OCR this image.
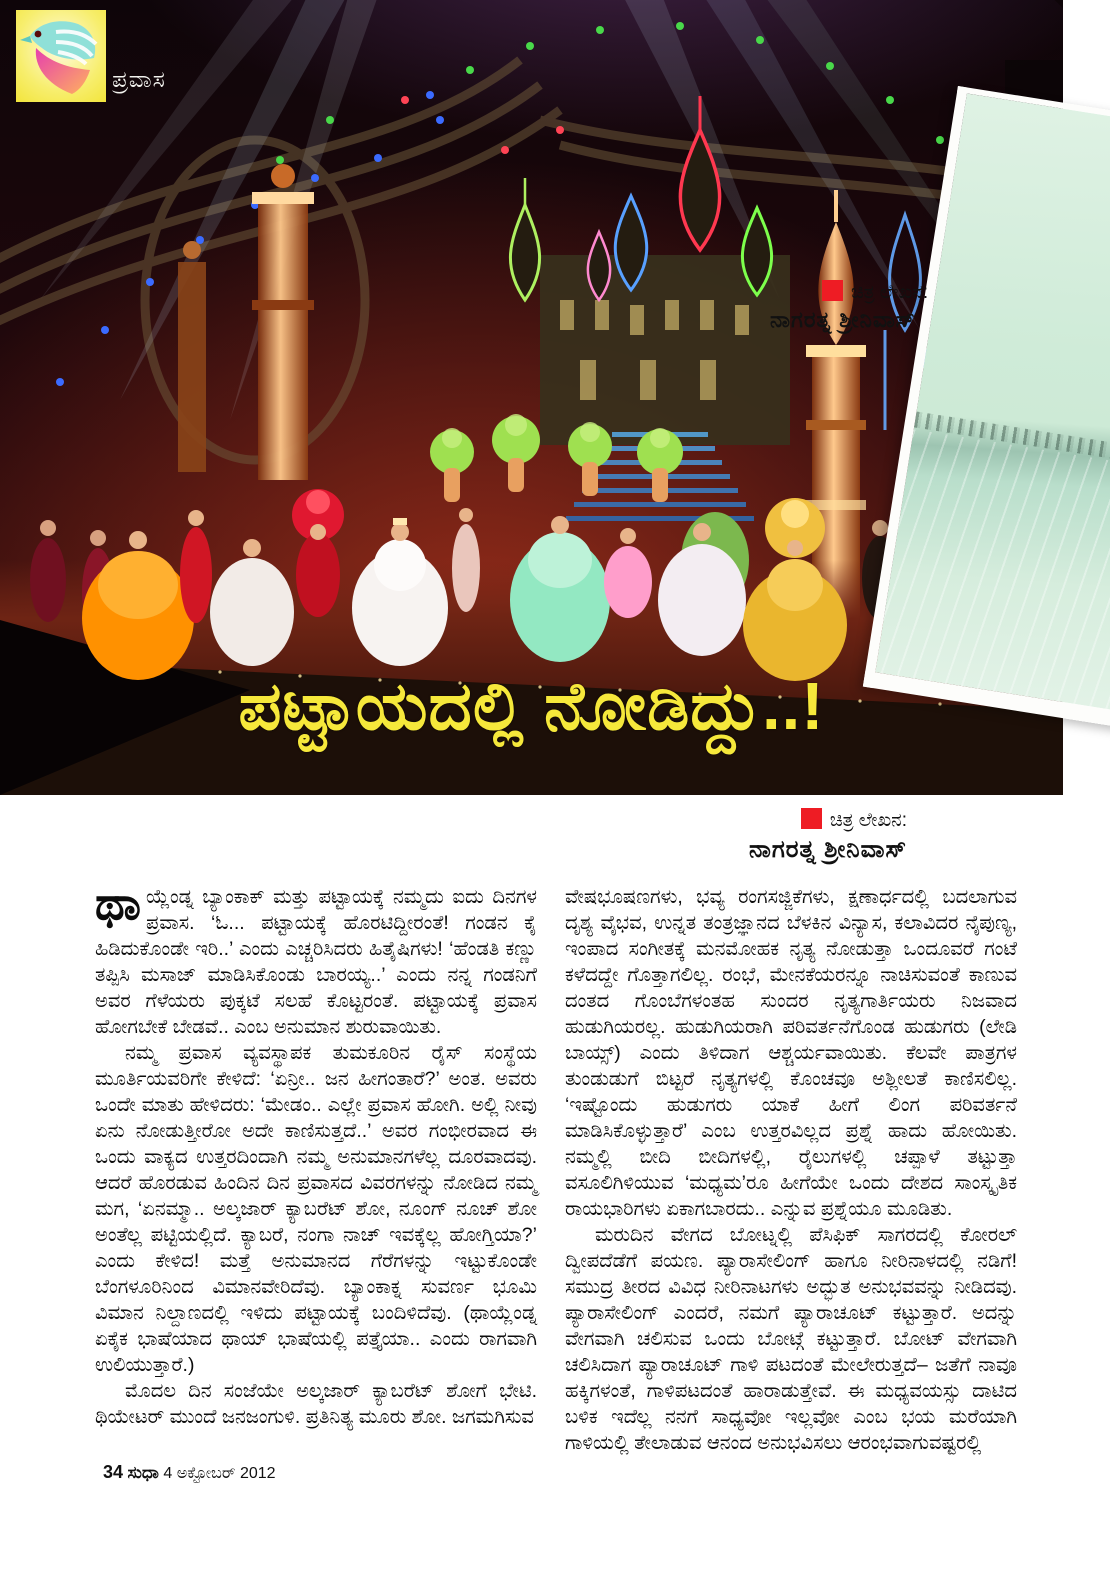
ಪ್ರವಾಸ
ಚಿತ್ರ ಲೇಖನ:
ನಾಗರತ್ನ ಶ್ರೀನಿವಾಸ್
ಪಟ್ಟಾಯದಲ್ಲಿ ನೋಡಿದ್ದು..!
ಚಿತ್ರ ಲೇಖನ:
ನಾಗರತ್ನ ಶ್ರೀನಿವಾಸ್

ಥಾಯ್ಲೆಂಡ್ನ ಬ್ಯಾಂಕಾಕ್ ಮತ್ತು ಪಟ್ಟಾಯಕ್ಕೆ ನಮ್ಮದು ಐದು ದಿನಗಳ ಪ್ರವಾಸ. ‘ಓ... ಪಟ್ಟಾಯಕ್ಕೆ ಹೊರಟಿದ್ದೀರಂತೆ! ಗಂಡನ ಕೈ ಹಿಡಿದುಕೊಂಡೇ ಇರಿ..’ ಎಂದು ಎಚ್ಚರಿಸಿದರು ಹಿತೈಷಿಗಳು! ‘ಹೆಂಡತಿ ಕಣ್ಣು ತಪ್ಪಿಸಿ ಮಸಾಜ್ ಮಾಡಿಸಿಕೊಂಡು ಬಾರಯ್ಯ..’ ಎಂದು ನನ್ನ ಗಂಡನಿಗೆ ಅವರ ಗೆಳೆಯರು ಪುಕ್ಕಟೆ ಸಲಹೆ ಕೊಟ್ಟರಂತೆ. ಪಟ್ಟಾಯಕ್ಕೆ ಪ್ರವಾಸ ಹೋಗಬೇಕೆ ಬೇಡವೆ.. ಎಂಬ ಅನುಮಾನ ಶುರುವಾಯಿತು.

ನಮ್ಮ ಪ್ರವಾಸ ವ್ಯವಸ್ಥಾಪಕ ತುಮಕೂರಿನ ರೈಸ್ ಸಂಸ್ಥೆಯ ಮೂರ್ತಿಯವರಿಗೇ ಕೇಳಿದೆ: ‘ಏನ್ರೀ.. ಜನ ಹೀಗಂತಾರೆ?’ ಅಂತ. ಅವರು ಒಂದೇ ಮಾತು ಹೇಳಿದರು: ‘ಮೇಡಂ.. ಎಲ್ಲೇ ಪ್ರವಾಸ ಹೋಗಿ. ಅಲ್ಲಿ ನೀವು ಏನು ನೋಡುತ್ತೀರೋ ಅದೇ ಕಾಣಿಸುತ್ತದೆ..’ ಅವರ ಗಂಭೀರವಾದ ಈ ಒಂದು ವಾಕ್ಯದ ಉತ್ತರದಿಂದಾಗಿ ನಮ್ಮ ಅನುಮಾನಗಳೆಲ್ಲ ದೂರವಾದವು. ಆದರೆ ಹೊರಡುವ ಹಿಂದಿನ ದಿನ ಪ್ರವಾಸದ ವಿವರಗಳನ್ನು ನೋಡಿದ ನಮ್ಮ ಮಗ, ‘ಏನಮ್ಮಾ.. ಅಲ್ಕಜಾರ್ ಕ್ಯಾಬರೆಟ್ ಶೋ, ನೂಂಗ್ ನೂಚ್ ಶೋ ಅಂತೆಲ್ಲ ಪಟ್ಟಿಯಲ್ಲಿದೆ. ಕ್ಯಾಬರೆ, ನಂಗಾ ನಾಚ್ ಇವಕ್ಕೆಲ್ಲ ಹೋಗ್ತಿಯಾ?’ ಎಂದು ಕೇಳಿದ! ಮತ್ತೆ ಅನುಮಾನದ ಗೆರೆಗಳನ್ನು ಇಟ್ಟುಕೊಂಡೇ ಬೆಂಗಳೂರಿನಿಂದ ವಿಮಾನವೇರಿದೆವು. ಬ್ಯಾಂಕಾಕ್ನ ಸುವರ್ಣ ಭೂಮಿ ವಿಮಾನ ನಿಲ್ದಾಣದಲ್ಲಿ ಇಳಿದು ಪಟ್ಟಾಯಕ್ಕೆ ಬಂದಿಳಿದೆವು. (ಥಾಯ್ಲೆಂಡ್ನ ಏಕೈಕ ಭಾಷೆಯಾದ ಥಾಯ್ ಭಾಷೆಯಲ್ಲಿ ಪತ್ತೈಯಾ.. ಎಂದು ರಾಗವಾಗಿ ಉಲಿಯುತ್ತಾರೆ.)

ಮೊದಲ ದಿನ ಸಂಜೆಯೇ ಅಲ್ಕಜಾರ್ ಕ್ಯಾಬರೆಟ್ ಶೋಗೆ ಭೇಟಿ. ಥಿಯೇಟರ್ ಮುಂದೆ ಜನಜಂಗುಳಿ. ಪ್ರತಿನಿತ್ಯ ಮೂರು ಶೋ. ಜಗಮಗಿಸುವ

ವೇಷಭೂಷಣಗಳು, ಭವ್ಯ ರಂಗಸಜ್ಜಿಕೆಗಳು, ಕ್ಷಣಾರ್ಧದಲ್ಲಿ ಬದಲಾಗುವ ದೃಶ್ಯ ವೈಭವ, ಉನ್ನತ ತಂತ್ರಜ್ಞಾನದ ಬೆಳಕಿನ ವಿನ್ಯಾಸ, ಕಲಾವಿದರ ನೈಪುಣ್ಯ, ಇಂಪಾದ ಸಂಗೀತಕ್ಕೆ ಮನಮೋಹಕ ನೃತ್ಯ ನೋಡುತ್ತಾ ಒಂದೂವರೆ ಗಂಟೆ ಕಳೆದದ್ದೇ ಗೊತ್ತಾಗಲಿಲ್ಲ. ರಂಭೆ, ಮೇನಕೆಯರನ್ನೂ ನಾಚಿಸುವಂತೆ ಕಾಣುವ ದಂತದ ಗೊಂಬೆಗಳಂತಹ ಸುಂದರ ನೃತ್ಯಗಾರ್ತಿಯರು ನಿಜವಾದ ಹುಡುಗಿಯರಲ್ಲ. ಹುಡುಗಿಯರಾಗಿ ಪರಿವರ್ತನೆಗೊಂಡ ಹುಡುಗರು (ಲೇಡಿ ಬಾಯ್ಸ್) ಎಂದು ತಿಳಿದಾಗ ಆಶ್ಚರ್ಯವಾಯಿತು. ಕೆಲವೇ ಪಾತ್ರಗಳ ತುಂಡುಡುಗೆ ಬಿಟ್ಟರೆ ನೃತ್ಯಗಳಲ್ಲಿ ಕೊಂಚವೂ ಅಶ್ಲೀಲತೆ ಕಾಣಿಸಲಿಲ್ಲ. ‘ಇಷ್ಟೊಂದು ಹುಡುಗರು ಯಾಕೆ ಹೀಗೆ ಲಿಂಗ ಪರಿವರ್ತನೆ ಮಾಡಿಸಿಕೊಳ್ಳುತ್ತಾರೆ’ ಎಂಬ ಉತ್ತರವಿಲ್ಲದ ಪ್ರಶ್ನೆ ಹಾದು ಹೋಯಿತು. ನಮ್ಮಲ್ಲಿ ಬೀದಿ ಬೀದಿಗಳಲ್ಲಿ, ರೈಲುಗಳಲ್ಲಿ ಚಪ್ಪಾಳೆ ತಟ್ಟುತ್ತಾ ವಸೂಲಿಗಿಳಿಯುವ ‘ಮಧ್ಯಮ’ರೂ ಹೀಗೆಯೇ ಒಂದು ದೇಶದ ಸಾಂಸ್ಕೃತಿಕ ರಾಯಭಾರಿಗಳು ಏಕಾಗಬಾರದು.. ಎನ್ನುವ ಪ್ರಶ್ನೆಯೂ ಮೂಡಿತು.

ಮರುದಿನ ವೇಗದ ಬೋಟ್ನಲ್ಲಿ ಪೆಸಿಫಿಕ್ ಸಾಗರದಲ್ಲಿ ಕೋರಲ್ ದ್ವೀಪದೆಡೆಗೆ ಪಯಣ. ಪ್ಯಾರಾಸೇಲಿಂಗ್ ಹಾಗೂ ನೀರಿನಾಳದಲ್ಲಿ ನಡಿಗೆ! ಸಮುದ್ರ ತೀರದ ವಿವಿಧ ನೀರಿನಾಟಗಳು ಅದ್ಭುತ ಅನುಭವವನ್ನು ನೀಡಿದವು. ಪ್ಯಾರಾಸೇಲಿಂಗ್ ಎಂದರೆ, ನಮಗೆ ಪ್ಯಾರಾಚೂಟ್ ಕಟ್ಟುತ್ತಾರೆ. ಅದನ್ನು ವೇಗವಾಗಿ ಚಲಿಸುವ ಒಂದು ಬೋಟ್ಗೆ ಕಟ್ಟುತ್ತಾರೆ. ಬೋಟ್ ವೇಗವಾಗಿ ಚಲಿಸಿದಾಗ ಪ್ಯಾರಾಚೂಟ್ ಗಾಳಿ ಪಟದಂತೆ ಮೇಲೇರುತ್ತದೆ– ಜತೆಗೆ ನಾವೂ ಹಕ್ಕಿಗಳಂತೆ, ಗಾಳಿಪಟದಂತೆ ಹಾರಾಡುತ್ತೇವೆ. ಈ ಮಧ್ಯವಯಸ್ಸು ದಾಟಿದ ಬಳಿಕ ಇದೆಲ್ಲ ನನಗೆ ಸಾಧ್ಯವೋ ಇಲ್ಲವೋ ಎಂಬ ಭಯ ಮರೆಯಾಗಿ ಗಾಳಿಯಲ್ಲಿ ತೇಲಾಡುವ ಆನಂದ ಅನುಭವಿಸಲು ಆರಂಭವಾಗುವಷ್ಟರಲ್ಲಿ

34 ಸುಧಾ 4 ಅಕ್ಟೋಬರ್ 2012
